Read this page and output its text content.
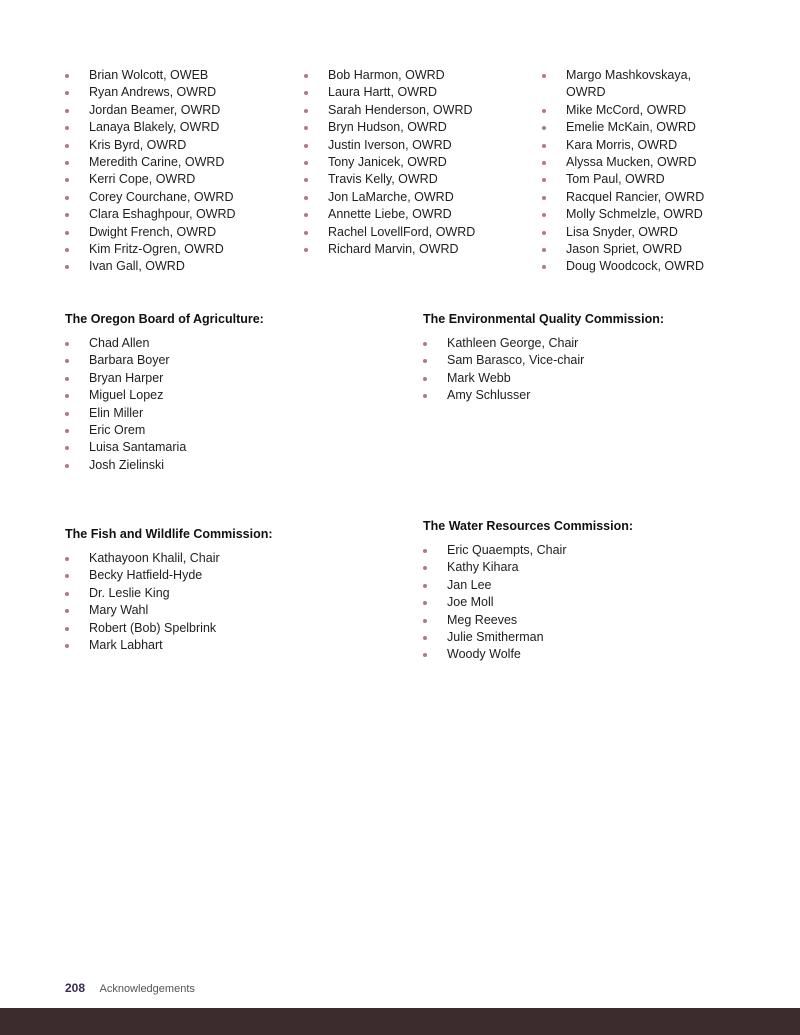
Brian Wolcott, OWEB
Ryan Andrews, OWRD
Jordan Beamer, OWRD
Lanaya Blakely, OWRD
Kris Byrd, OWRD
Meredith Carine, OWRD
Kerri Cope, OWRD
Corey Courchane, OWRD
Clara Eshaghpour, OWRD
Dwight French, OWRD
Kim Fritz-Ogren, OWRD
Ivan Gall, OWRD
Bob Harmon, OWRD
Laura Hartt, OWRD
Sarah Henderson, OWRD
Bryn Hudson, OWRD
Justin Iverson, OWRD
Tony Janicek, OWRD
Travis Kelly, OWRD
Jon LaMarche, OWRD
Annette Liebe, OWRD
Rachel LovellFord, OWRD
Richard Marvin, OWRD
Margo Mashkovskaya, OWRD
Mike McCord, OWRD
Emelie McKain, OWRD
Kara Morris, OWRD
Alyssa Mucken, OWRD
Tom Paul, OWRD
Racquel Rancier, OWRD
Molly Schmelzle, OWRD
Lisa Snyder, OWRD
Jason Spriet, OWRD
Doug Woodcock, OWRD
The Oregon Board of Agriculture:
Chad Allen
Barbara Boyer
Bryan Harper
Miguel Lopez
Elin Miller
Eric Orem
Luisa Santamaria
Josh Zielinski
The Environmental Quality Commission:
Kathleen George, Chair
Sam Barasco, Vice-chair
Mark Webb
Amy Schlusser
The Fish and Wildlife Commission:
Kathayoon Khalil, Chair
Becky Hatfield-Hyde
Dr. Leslie King
Mary Wahl
Robert (Bob) Spelbrink
Mark Labhart
The Water Resources Commission:
Eric Quaempts, Chair
Kathy Kihara
Jan Lee
Joe Moll
Meg Reeves
Julie Smitherman
Woody Wolfe
208 Acknowledgements
